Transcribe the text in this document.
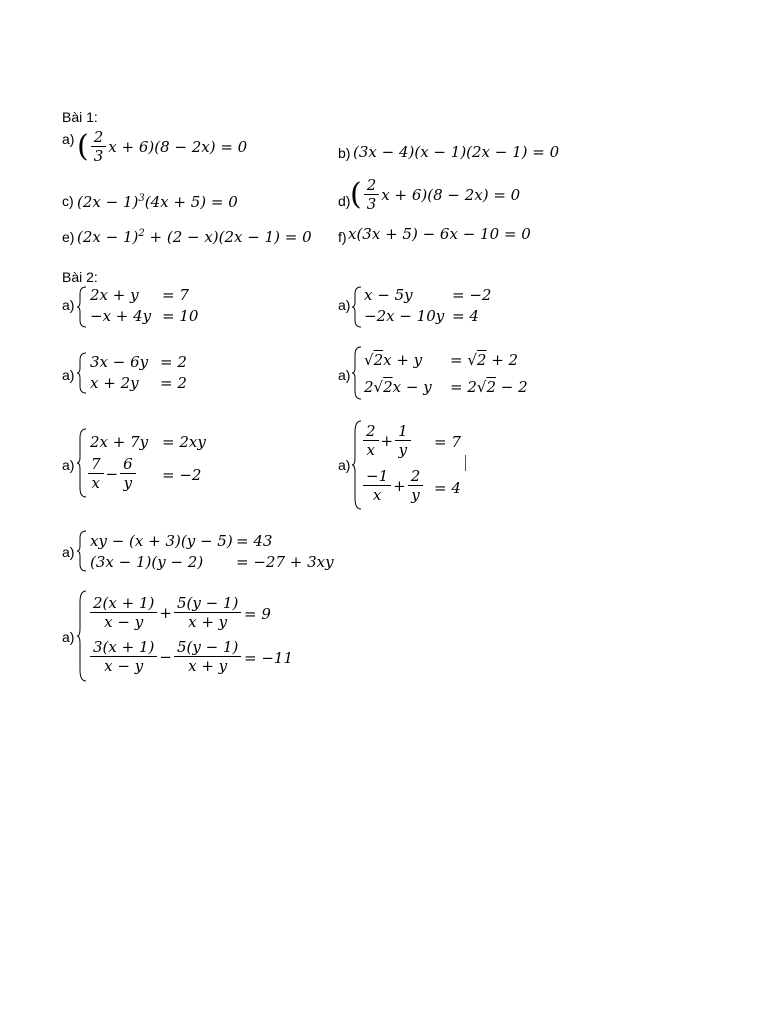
Bài 1:
a) ( $\frac{2}{3}$ x + 6)(8 − 2x) = 0	b) (3x − 4)(x − 1)(2x − 1) = 0
c) $(2x - 1)^3(4x + 5) = 0$	d) ( $\frac{2}{3}$ x + 6)(8 − 2x) = 0
e) $(2x - 1)^2 + (2 - x)(2x - 1) = 0$ f) x(3x + 5) − 6x − 10 = 0
Bài 2:
a)
2x + y = 7
−x + 4y = 10
a)
x − 5y	= −2
−2x − 10y = 4
a)
3x − 6y = 2
x + 2y = 2	a)
√2x + y = √2 + 2
2√2x − y = 2√2 − 2
a)
2x + 7y = 2xy
$\frac{7}{x} - \frac{6}{y} = -2$
a)
$\frac{2}{x} + \frac{1}{y} = 7$
$\frac{-1}{x} + \frac{2}{y} = 4$
a)
xy − (x + 3)(y − 5) = 43
(3x − 1)(y − 2) = −27 + 3xy
a)
$\frac{2(x + 1)}{x - y} + \frac{5(y - 1)}{x + y} = 9$
$\frac{3(x + 1)}{x - y} - \frac{5(y - 1)}{x + y} = -11$
